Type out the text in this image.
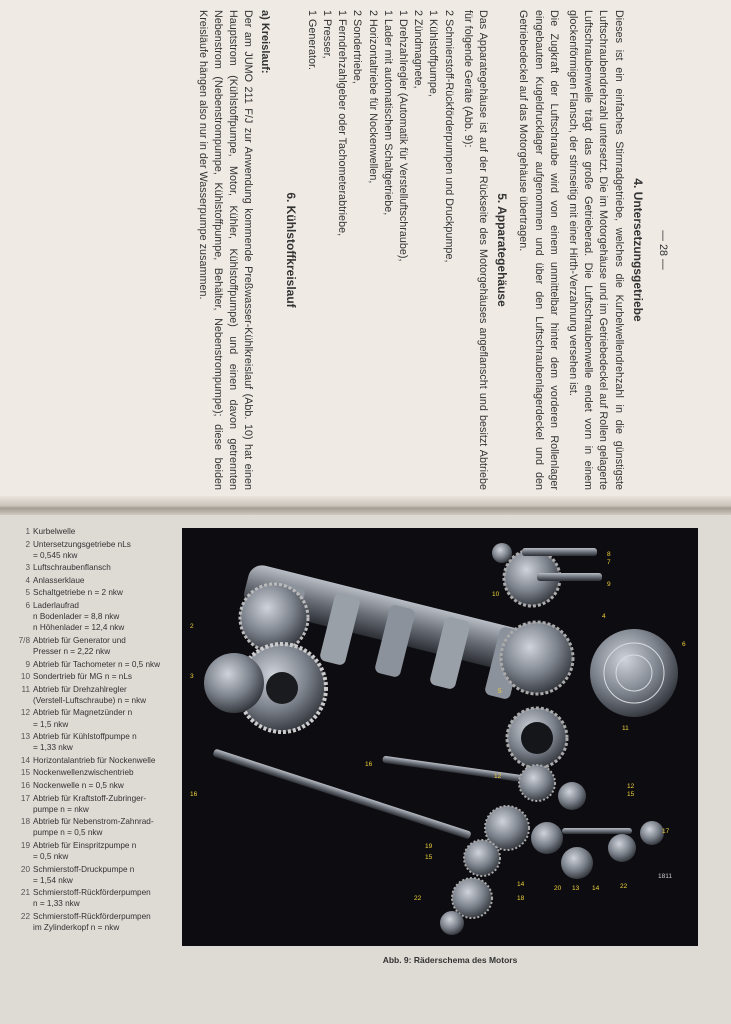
— 28 —
4. Untersetzungsgetriebe

Dieses ist ein einfaches Stirnradgetriebe, welches die Kurbelwellendrehzahl in die günstigste Luftschraubendrehzahl untersetzt. Die im Motorgehäuse und im Getriebedeckel auf Rollen gelagerte Luftschraubenwelle trägt das große Getrieberad. Die Luftschraubenwelle endet vorn in einem glockenförmigen Flansch, der stirnseitig mit einer Hirth-Verzahnung versehen ist.

Die Zugkraft der Luftschraube wird von einem unmittelbar hinter dem vorderen Rollenlager eingebauten Kugeldrucklager aufgenommen und über den Luftschraubenlagerdeckel und den Getriebedeckel auf das Motorgehäuse übertragen.

5. Apparategehäuse

Das Apparategehäuse ist auf der Rückseite des Motorgehäuses angeflanscht und besitzt Abtriebe für folgende Geräte (Abb. 9):

2 Schmierstoff-Rückförderpumpen und Druckpumpe,
1 Kühlstoffpumpe,
2 Zündmagnete,
1 Drehzahlregler (Automatik für Verstelluftschraube),
1 Lader mit automatischem Schaltgetriebe,
2 Horizontaltriebe für Nockenwellen,
2 Sondertriebe,
1 Ferndrehzahlgeber oder Tachometerabtriebe,
1 Presser,
1 Generator.
6. Kühlstoffkreislauf
a) Kreislauf:

Der am JUMO 211 F/J zur Anwendung kommende Preßwasser-Kühlkreislauf (Abb. 10) hat einen Hauptstrom (Kühlstoffpumpe, Motor, Kühler, Kühlstoffpumpe) und einen davon getrennten Nebenstrom (Nebenstrompumpe, Kühlstoffpumpe, Behälter, Nebenstrompumpe); diese beiden Kreisläufe hängen also nur in der Wasserpumpe zusammen.

1 Kurbelwelle
2 Untersetzungsgetriebe nLs
= 0,545 nkw
3 Luftschraubenflansch
4 Anlasserklaue
5 Schaltgetriebe n = 2 nkw
6 Laderlaufrad
n Bodenlader = 8,8 nkw
n Höhenlader = 12,4 nkw
7/8 Abtrieb für Generator und
Presser n = 2,22 nkw
9 Abtrieb für Tachometer n = 0,5 nkw
10 Sondertrieb für MG n = nLs
11 Abtrieb für Drehzahlregler
(Verstell-Luftschraube) n = nkw
12 Abtrieb für Magnetzünder n
= 1,5 nkw
13 Abtrieb für Kühlstoffpumpe n
= 1,33 nkw
14 Horizontalantrieb für Nockenwelle
15 Nockenwellenzwischentrieb
16 Nockenwelle n = 0,5 nkw
17 Abtrieb für Kraftstoff-Zubringer-
pumpe n = nkw
18 Abtrieb für Nebenstrom-Zahnrad-
pumpe n = 0,5 nkw
19 Abtrieb für Einspritzpumpe n
= 0,5 nkw
20 Schmierstoff-Druckpumpe n
= 1,54 nkw
21 Schmierstoff-Rückförderpumpen
n = 1,33 nkw
22 Schmierstoff-Rückförderpumpen
im Zylinderkopf n = nkw
17
8
7
9
10
2
3
4
6
5
11
16
16
12
15
12
19
15
14
20 13 14	22
22	18
1811
Abb. 9: Räderschema des Motors
